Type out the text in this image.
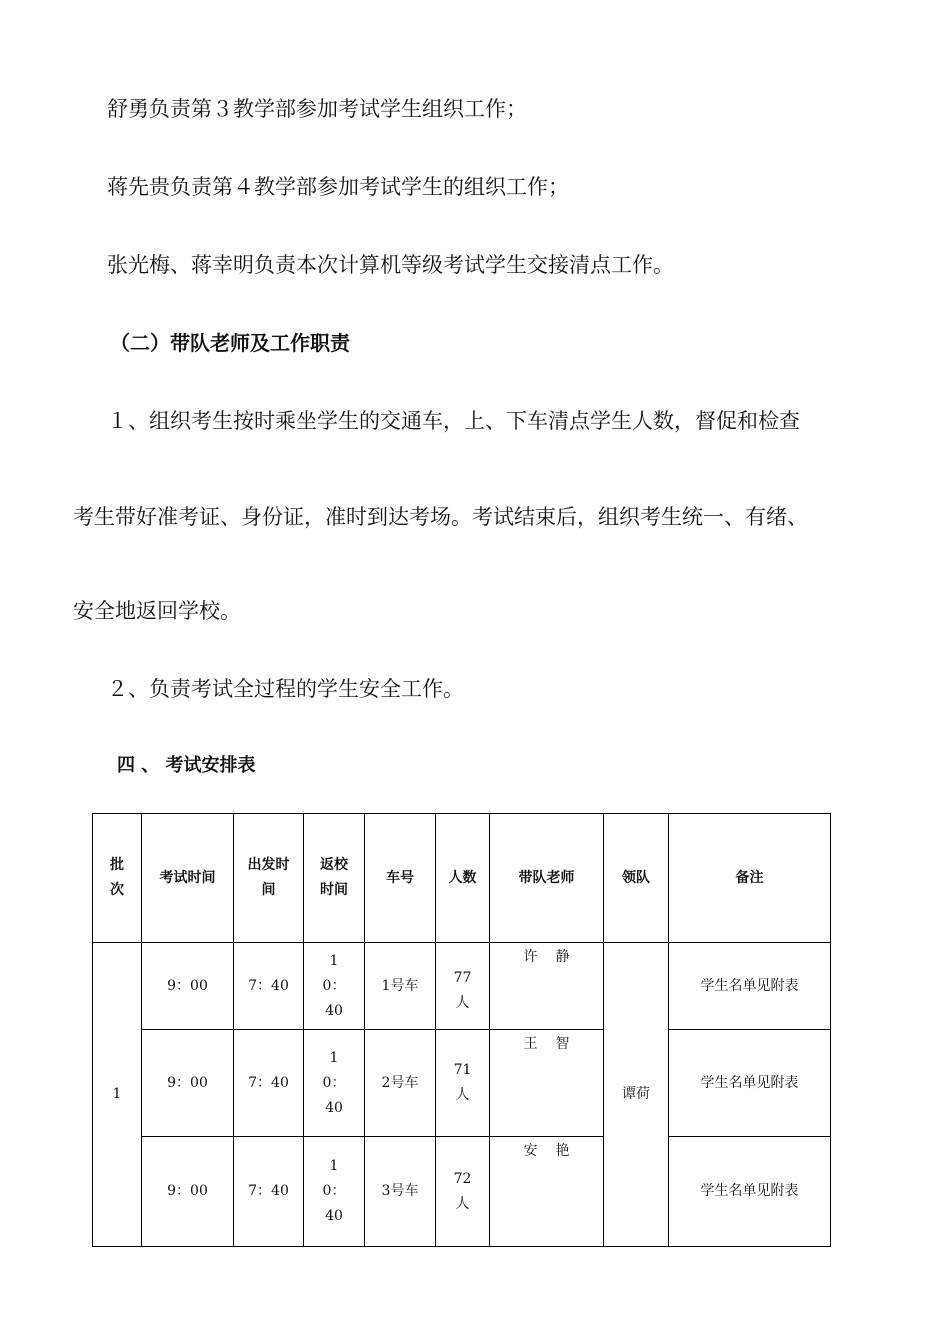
舒勇负责第３教学部参加考试学生组织工作；
蒋先贵负责第４教学部参加考试学生的组织工作；
张光梅、蒋幸明负责本次计算机等级考试学生交接清点工作。
（二）带队老师及工作职责
１、组织考生按时乘坐学生的交通车，上、下车清点学生人数，督促和检查
考生带好准考证、身份证，准时到达考场。考试结束后，组织考生统一、有绪、
安全地返回学校。
２、负责考试全过程的学生安全工作。
四 、 考试安排表
批次	考试时间	出发时间	返校时间	车号	人数	带队老师	领队	备注
1	9：00	7：40	10：40	1号车	77人	许静	谭荷	学生名单见附表
	9：00	7：40	10：40	2号车	71人	王智		学生名单见附表
	9：00	7：40	10：40	3号车	72人	安艳		学生名单见附表
